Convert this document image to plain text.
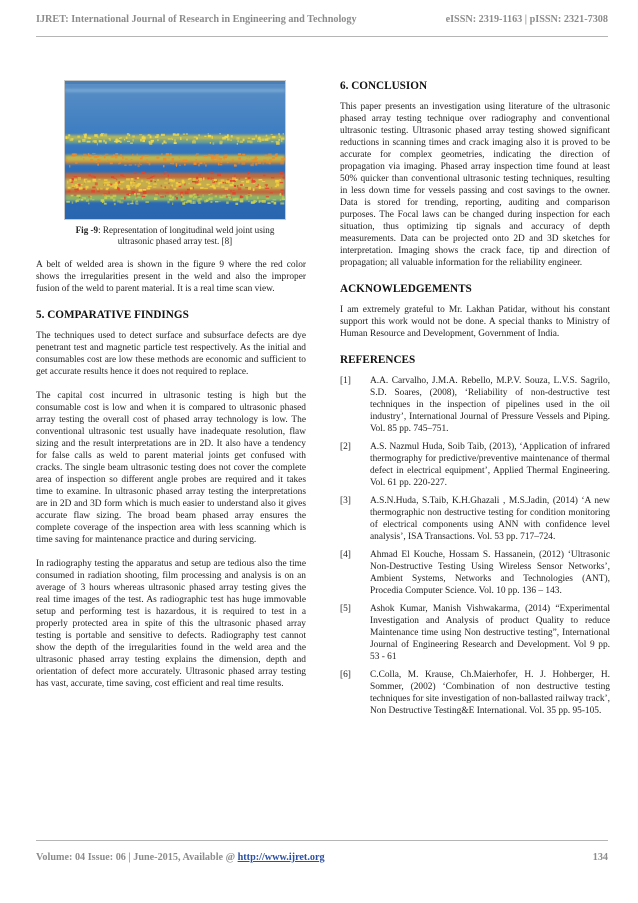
IJRET: International Journal of Research in Engineering and Technology	eISSN: 2319-1163 | pISSN: 2321-7308
Fig -9: Representation of longitudinal weld joint using ultrasonic phased array test. [8]

A belt of welded area is shown in the figure 9 where the red color shows the irregularities present in the weld and also the improper fusion of the weld to parent material. It is a real time scan view.

5. COMPARATIVE FINDINGS

The techniques used to detect surface and subsurface defects are dye penetrant test and magnetic particle test respectively. As the initial and consumables cost are low these methods are economic and sufficient to get accurate results hence it does not required to replace.

The capital cost incurred in ultrasonic testing is high but the consumable cost is low and when it is compared to ultrasonic phased array testing the overall cost of phased array technology is low. The conventional ultrasonic test usually have inadequate resolution, flaw sizing and the result interpretations are in 2D. It also have a tendency for false calls as weld to parent material joints get confused with cracks. The single beam ultrasonic testing does not cover the complete area of inspection so different angle probes are required and it takes time to examine. In ultrasonic phased array testing the interpretations are in 2D and 3D form which is much easier to understand also it gives accurate flaw sizing. The broad beam phased array ensures the complete coverage of the inspection area with less scanning which is time saving for maintenance practice and during servicing.

In radiography testing the apparatus and setup are tedious also the time consumed in radiation shooting, film processing and analysis is on an average of 3 hours whereas ultrasonic phased array testing gives the real time images of the test. As radiographic test has huge immovable setup and performing test is hazardous, it is required to test in a properly protected area in spite of this the ultrasonic phased array testing is portable and sensitive to defects. Radiography test cannot show the depth of the irregularities found in the weld area and the ultrasonic phased array testing explains the dimension, depth and orientation of defect more accurately. Ultrasonic phased array testing has vast, accurate, time saving, cost efficient and real time results.

6. CONCLUSION

This paper presents an investigation using literature of the ultrasonic phased array testing technique over radiography and conventional ultrasonic testing. Ultrasonic phased array testing showed significant reductions in scanning times and crack imaging also it is proved to be accurate for complex geometries, indicating the direction of propagation via imaging. Phased array inspection time found at least 50% quicker than conventional ultrasonic testing techniques, resulting in less down time for vessels passing and cost savings to the owner. Data is stored for trending, reporting, auditing and comparison purposes. The Focal laws can be changed during inspection for each situation, thus optimizing tip signals and accuracy of depth measurements. Data can be projected onto 2D and 3D sketches for interpretation. Imaging shows the crack face, tip and direction of propagation; all valuable information for the reliability engineer.

ACKNOWLEDGEMENTS

I am extremely grateful to Mr. Lakhan Patidar, without his constant support this work would not be done. A special thanks to Ministry of Human Resource and Development, Government of India.

REFERENCES
[1]	A.A. Carvalho, J.M.A. Rebello, M.P.V. Souza, L.V.S. Sagrilo, S.D. Soares, (2008), ‘Reliability of non-destructive test techniques in the inspection of pipelines used in the oil industry’, International Journal of Pressure Vessels and Piping. Vol. 85 pp. 745–751.
[2]	A.S. Nazmul Huda, Soib Taib, (2013), ‘Application of infrared thermography for predictive/preventive maintenance of thermal defect in electrical equipment’, Applied Thermal Engineering. Vol. 61 pp. 220-227.
[3]	A.S.N.Huda, S.Taib, K.H.Ghazali , M.S.Jadin, (2014) ‘A new thermographic non destructive testing for condition monitoring of electrical components using ANN with confidence level analysis’, ISA Transactions. Vol. 53 pp. 717–724.
[4]	Ahmad El Kouche, Hossam S. Hassanein, (2012) ‘Ultrasonic Non-Destructive Testing Using Wireless Sensor Networks’, Ambient Systems, Networks and Technologies (ANT), Procedia Computer Science. Vol. 10 pp. 136 – 143.
[5]	Ashok Kumar, Manish Vishwakarma, (2014) “Experimental Investigation and Analysis of product Quality to reduce Maintenance time using Non destructive testing”, International Journal of Engineering Research and Development. Vol 9 pp. 53 - 61
[6]	C.Colla, M. Krause, Ch.Maierhofer, H. J. Hohberger, H. Sommer, (2002) ‘Combination of non destructive testing techniques for site investigation of non-ballasted railway track’, Non Destructive Testing&E International. Vol. 35 pp. 95-105.
Volume: 04 Issue: 06 | June-2015, Available @ http://www.ijret.org	134
